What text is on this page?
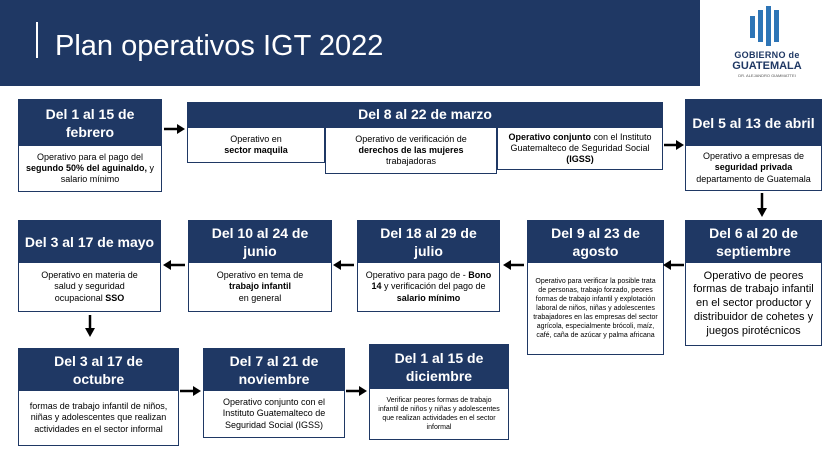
Plan operativos IGT 2022	GOBIERNO de
GUATEMALA
DR. ALEJANDRO GIAMMATTEI
Del 1 al 15 de febrero
Operativo para el pago del segundo 50% del aguinaldo, y salario mínimo
Del 8 al 22 de marzo
Operativo en
sector maquila
Operativo de verificación de
derechos de las mujeres
trabajadoras
Operativo conjunto con el Instituto Guatemalteco de Seguridad Social (IGSS)
Del 5 al 13 de abril
Operativo a empresas de
seguridad privada
departamento de Guatemala
Del 6 al 20 de septiembre
Operativo de peores formas de trabajo infantil en el sector productor y distribuidor de cohetes y juegos pirotécnicos
Del 9 al 23 de agosto
Operativo para verificar la posible trata de personas, trabajo forzado, peores formas de trabajo infantil y explotación laboral de niños, niñas y adolescentes trabajadores en las empresas del sector agrícola, especialmente brócoli, maíz, café, caña de azúcar y palma africana
Del 18 al 29 de julio
Operativo para pago de - Bono 14 y verificación del pago de salario mínimo
Del 10 al 24 de junio
Operativo en tema de
trabajo infantil
en general
Del 3 al 17 de mayo
Operativo en materia de salud y seguridad ocupacional SSO
Del 3 al 17 de octubre
formas de trabajo infantil de niños, niñas y adolescentes que realizan actividades en el sector informal
Del 7 al 21 de noviembre
Operativo conjunto con el Instituto Guatemalteco de Seguridad Social (IGSS)
Del 1 al 15 de diciembre
Verificar peores formas de trabajo infantil de niños y niñas y adolescentes que realizan actividades en el sector informal
